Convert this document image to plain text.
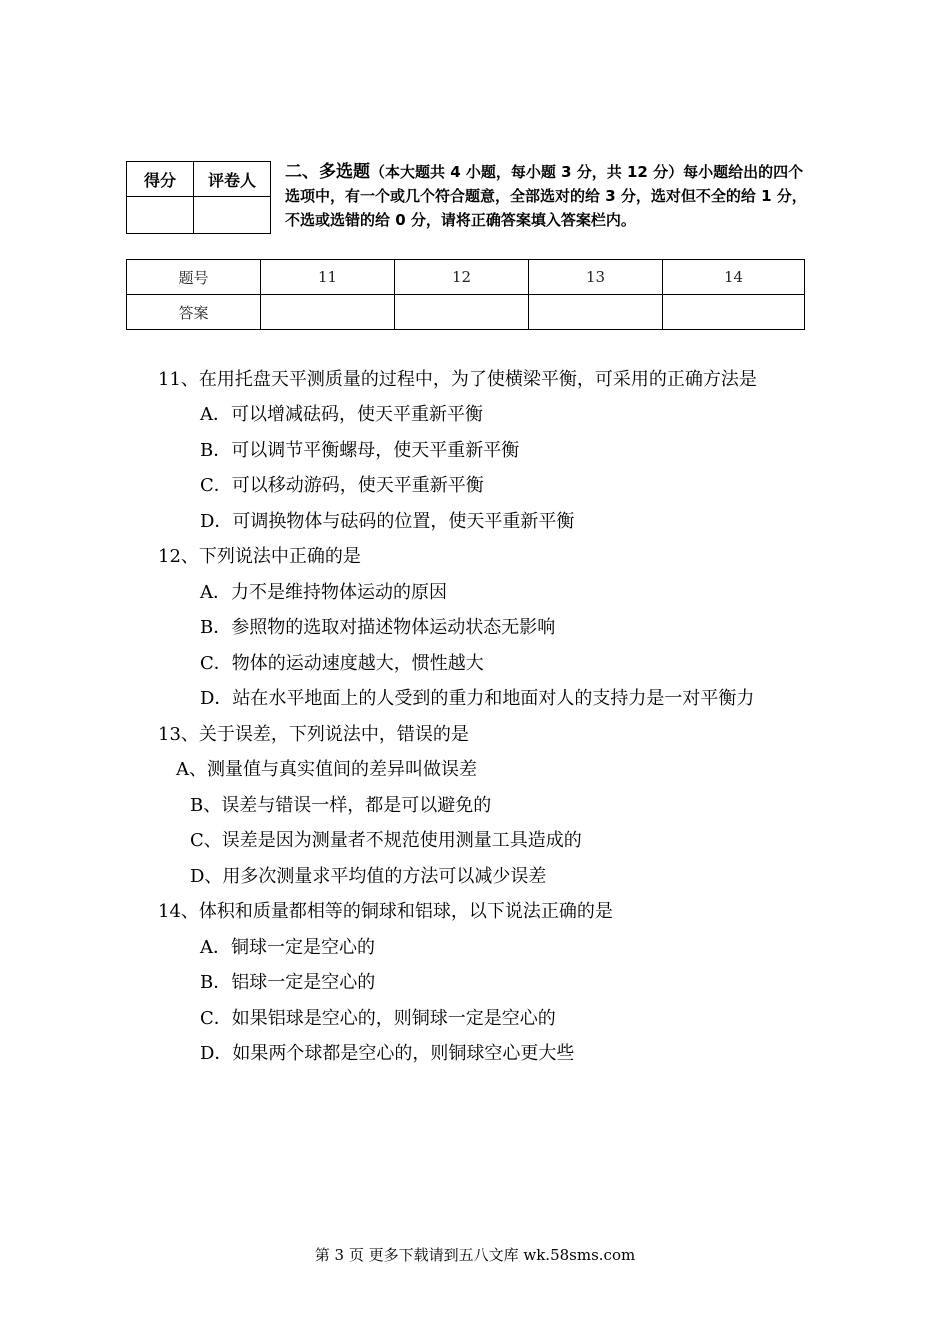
得分	评卷人
	二、多选题（本大题共 4 小题，每小题 3 分，共 12 分）每小题给出的四个选项中，有一个或几个符合题意，全部选对的给 3 分，选对但不全的给 1 分，不选或选错的给 0 分，请将正确答案填入答案栏内。

题号	11	12	13	14
答案				
11、在用托盘天平测质量的过程中，为了使横梁平衡，可采用的正确方法是
A．可以增减砝码，使天平重新平衡
B．可以调节平衡螺母，使天平重新平衡
C．可以移动游码，使天平重新平衡
D．可调换物体与砝码的位置，使天平重新平衡
12、下列说法中正确的是
A．力不是维持物体运动的原因
B．参照物的选取对描述物体运动状态无影响
C．物体的运动速度越大，惯性越大
D．站在水平地面上的人受到的重力和地面对人的支持力是一对平衡力
13、关于误差，下列说法中，错误的是
A、测量值与真实值间的差异叫做误差
B、误差与错误一样，都是可以避免的
C、误差是因为测量者不规范使用测量工具造成的
D、用多次测量求平均值的方法可以减少误差
14、体积和质量都相等的铜球和铝球，以下说法正确的是
A．铜球一定是空心的
B．铝球一定是空心的
C．如果铝球是空心的，则铜球一定是空心的
D．如果两个球都是空心的，则铜球空心更大些
第 3 页 更多下载请到五八文库 wk.58sms.com
